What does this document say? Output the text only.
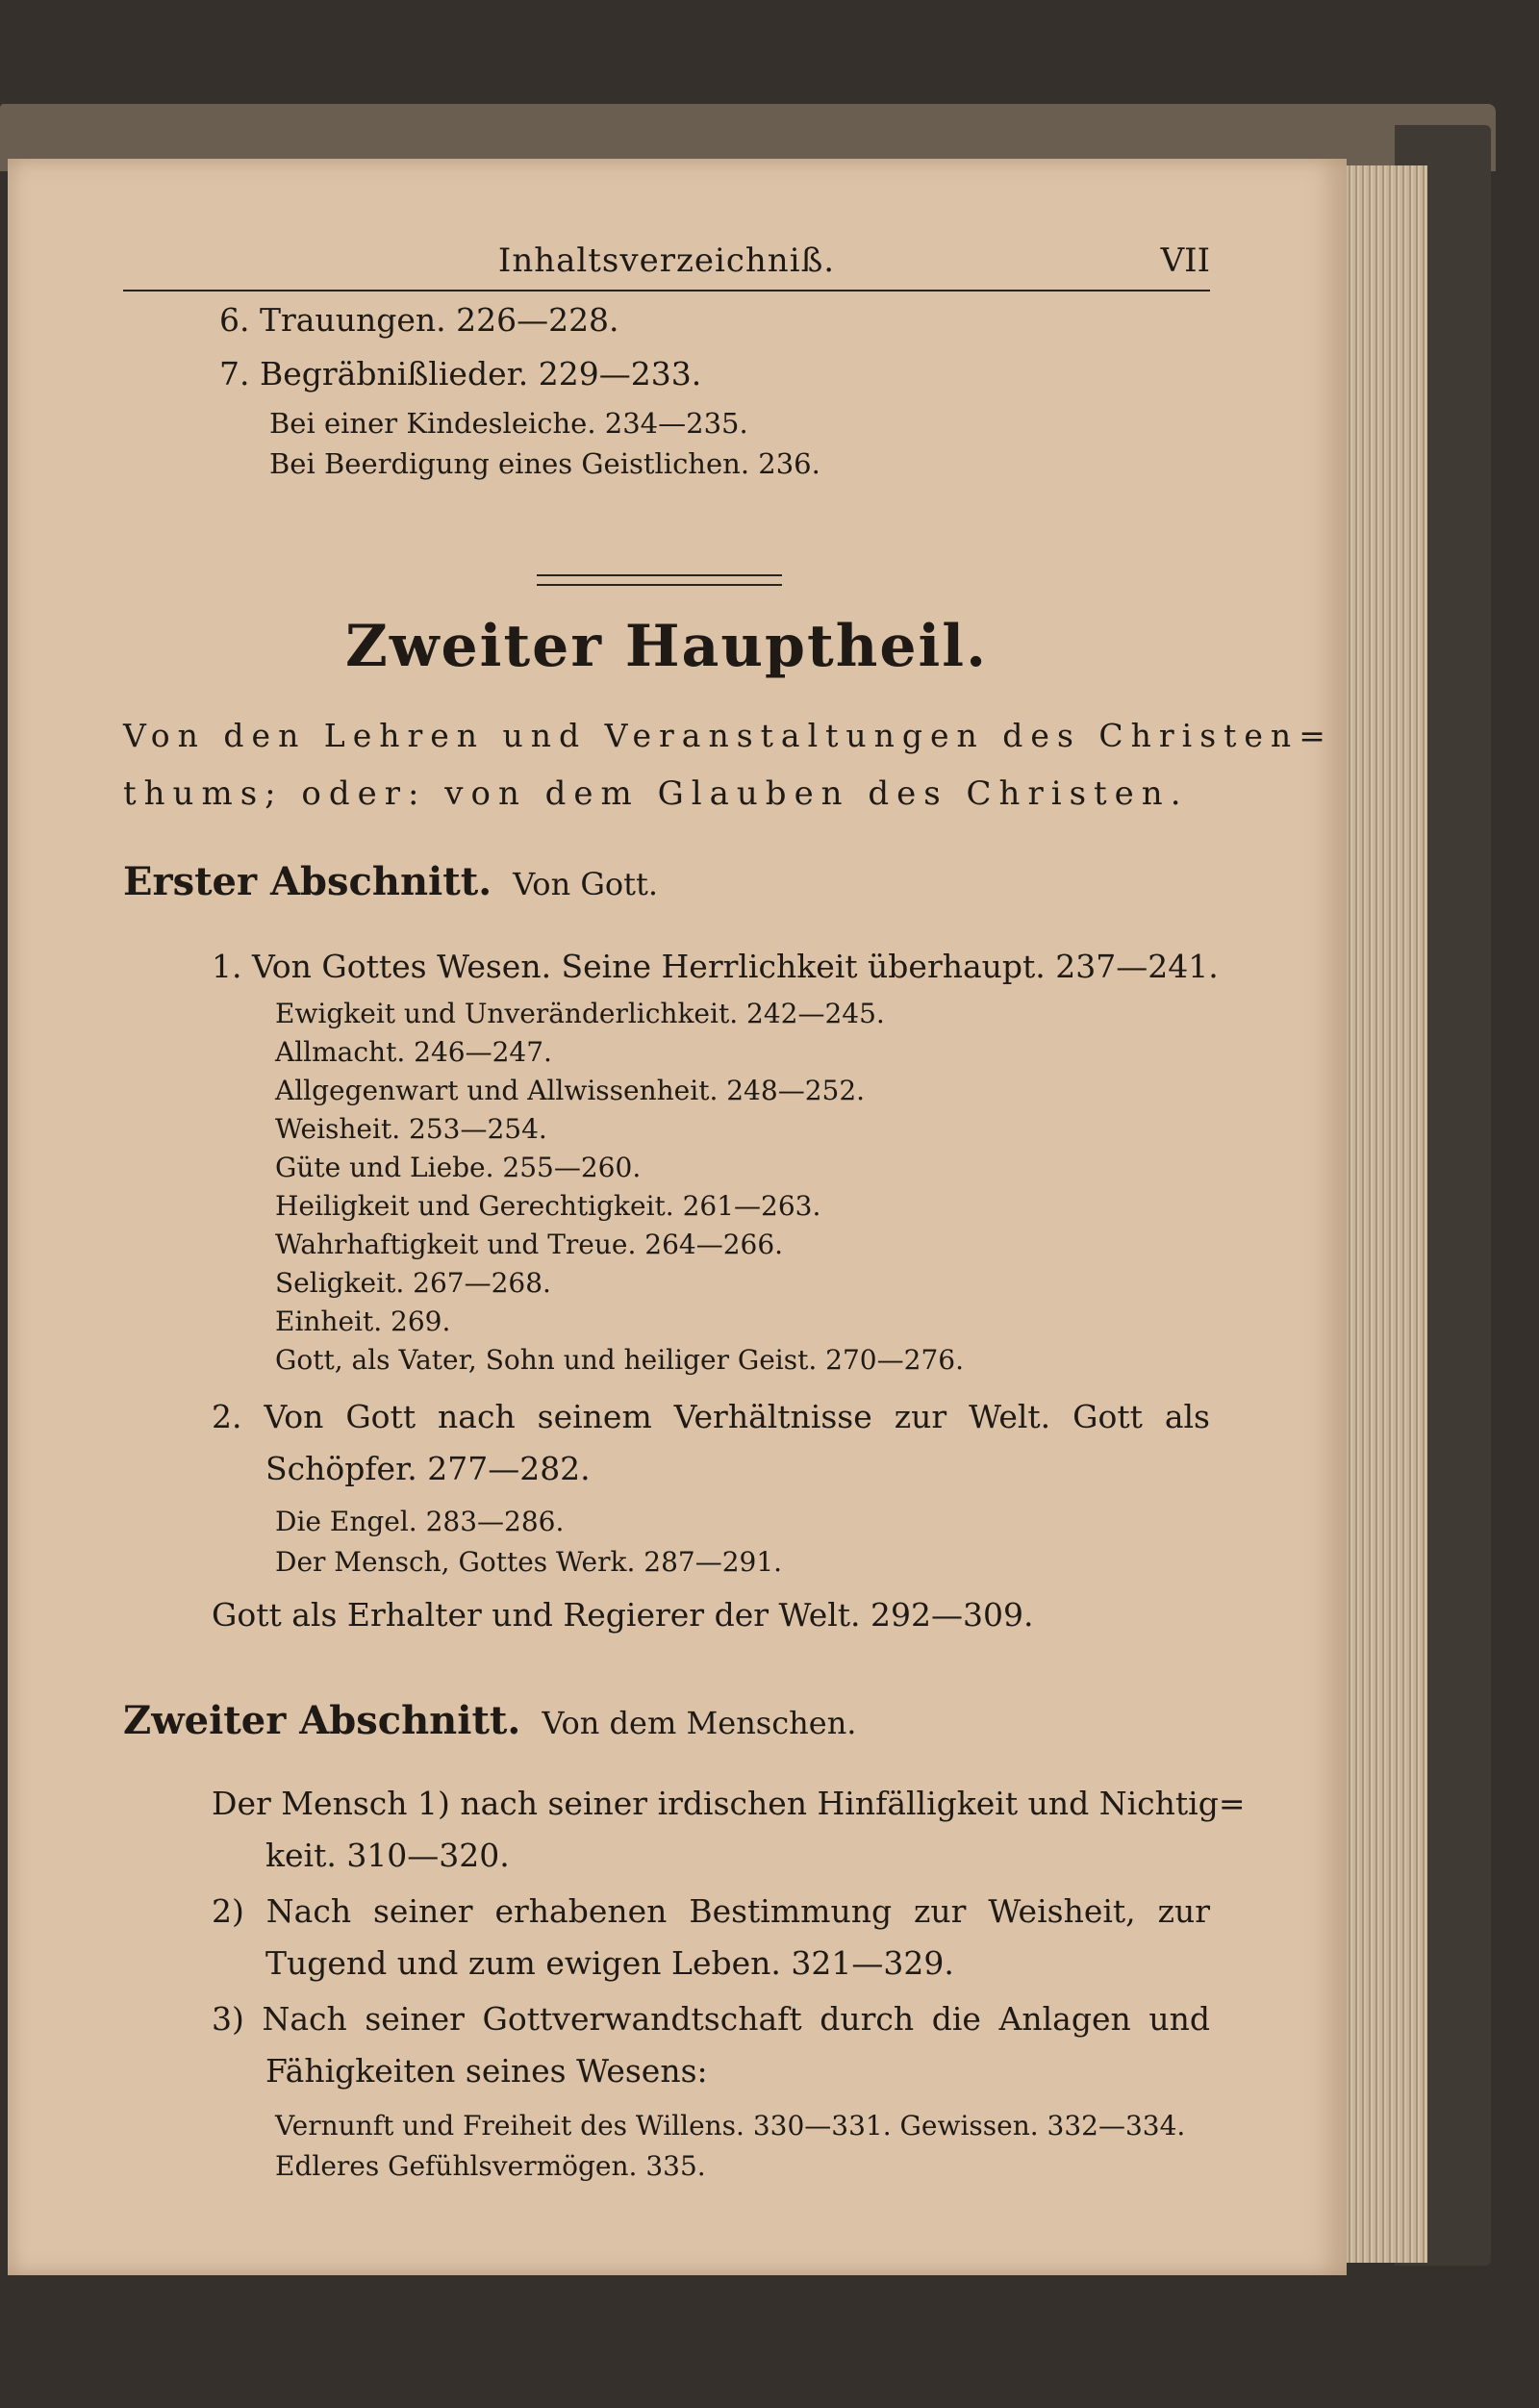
Inhaltsverzeichniß.	VII
6. Trauungen. 226—228.
7. Begräbnißlieder. 229—233.
Bei einer Kindesleiche. 234—235.
Bei Beerdigung eines Geistlichen. 236.
Zweiter Hauptheil.
Von den Lehren und Veranstaltungen des Christen=
thums; oder: von dem Glauben des Christen.
Erster Abschnitt. Von Gott.
1. Von Gottes Wesen. Seine Herrlichkeit überhaupt. 237—241.
Ewigkeit und Unveränderlichkeit. 242—245.
Allmacht. 246—247.
Allgegenwart und Allwissenheit. 248—252.
Weisheit. 253—254.
Güte und Liebe. 255—260.
Heiligkeit und Gerechtigkeit. 261—263.
Wahrhaftigkeit und Treue. 264—266.
Seligkeit. 267—268.
Einheit. 269.
Gott, als Vater, Sohn und heiliger Geist. 270—276.
2. Von Gott nach seinem Verhältnisse zur Welt. Gott als
Schöpfer. 277—282.
Die Engel. 283—286.
Der Mensch, Gottes Werk. 287—291.
Gott als Erhalter und Regierer der Welt. 292—309.
Zweiter Abschnitt. Von dem Menschen.
Der Mensch 1) nach seiner irdischen Hinfälligkeit und Nichtig=
keit. 310—320.
2) Nach seiner erhabenen Bestimmung zur Weisheit, zur
Tugend und zum ewigen Leben. 321—329.
3) Nach seiner Gottverwandtschaft durch die Anlagen und
Fähigkeiten seines Wesens:
Vernunft und Freiheit des Willens. 330—331. Gewissen. 332—334.
Edleres Gefühlsvermögen. 335.
